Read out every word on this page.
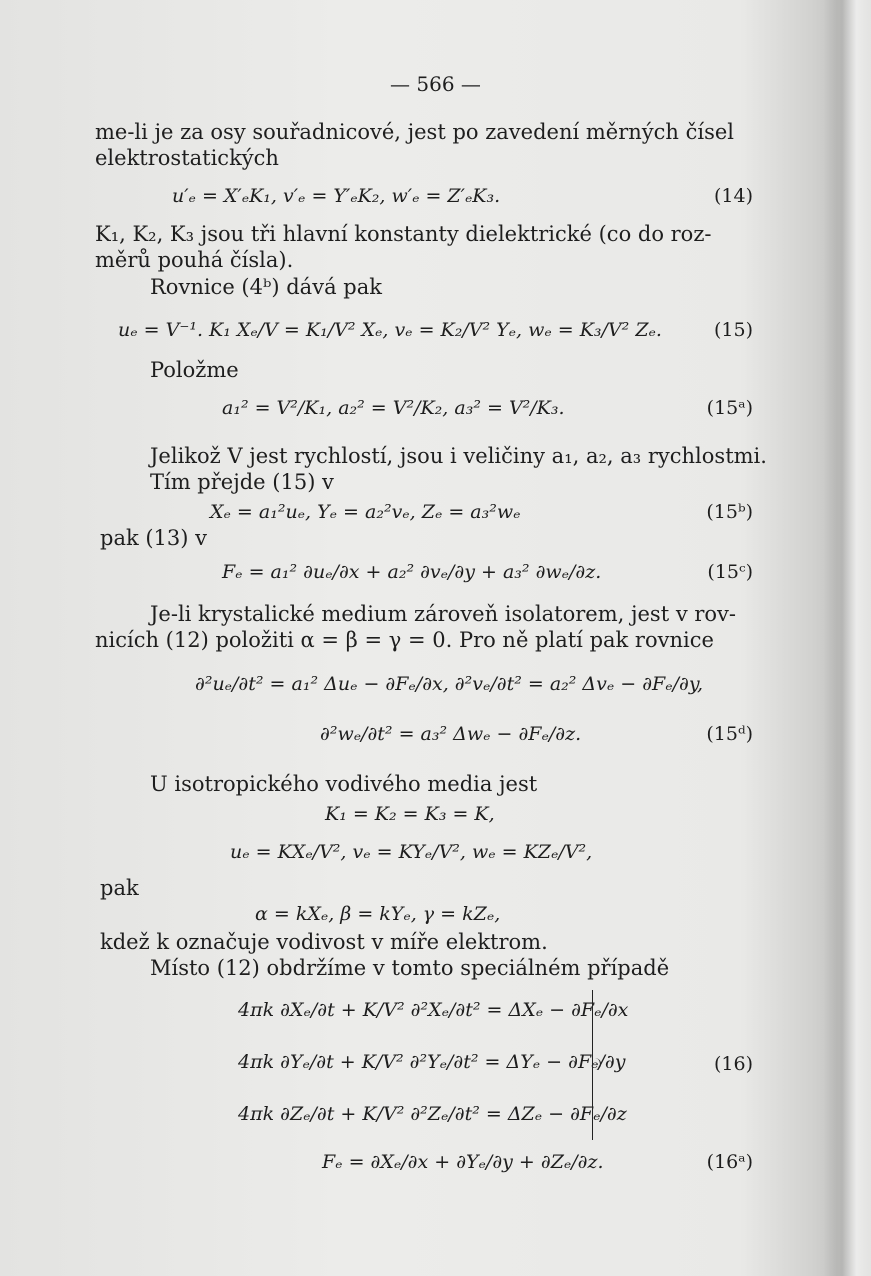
— 566 —
me-li je za osy souřadnicové, jest po zavedení měrných čísel
elektrostatických
u′ₑ = X′ₑK₁, v′ₑ = Y′ₑK₂, w′ₑ = Z′ₑK₃.	(14)
K₁, K₂, K₃ jsou tři hlavní konstanty dielektrické (co do roz-
měrů pouhá čísla).
Rovnice (4ᵇ) dává pak
uₑ = V⁻¹. K₁ Xₑ/V = K₁/V² Xₑ, vₑ = K₂/V² Yₑ, wₑ = K₃/V² Zₑ.	(15)
Položme
a₁² = V²/K₁, a₂² = V²/K₂, a₃² = V²/K₃.	(15ᵃ)
Jelikož V jest rychlostí, jsou i veličiny a₁, a₂, a₃ rychlostmi.
Tím přejde (15) v
Xₑ = a₁²uₑ, Yₑ = a₂²vₑ, Zₑ = a₃²wₑ	(15ᵇ)
pak (13) v
Fₑ = a₁² ∂uₑ/∂x + a₂² ∂vₑ/∂y + a₃² ∂wₑ/∂z.	(15ᶜ)
Je-li krystalické medium zároveň isolatorem, jest v rov-
nicích (12) položiti α = β = γ = 0. Pro ně platí pak rovnice
∂²uₑ/∂t² = a₁² Δuₑ − ∂Fₑ/∂x, ∂²vₑ/∂t² = a₂² Δvₑ − ∂Fₑ/∂y,
∂²wₑ/∂t² = a₃² Δwₑ − ∂Fₑ/∂z.	(15ᵈ)
U isotropického vodivého media jest
K₁ = K₂ = K₃ = K,
uₑ = KXₑ/V², vₑ = KYₑ/V², wₑ = KZₑ/V²,
pak
α = kXₑ, β = kYₑ, γ = kZₑ,
kdež k označuje vodivost v míře elektrom.
Místo (12) obdržíme v tomto speciálném případě
4πk ∂Xₑ/∂t + K/V² ∂²Xₑ/∂t² = ΔXₑ − ∂Fₑ/∂x
4πk ∂Yₑ/∂t + K/V² ∂²Yₑ/∂t² = ΔYₑ − ∂Fₑ/∂y
4πk ∂Zₑ/∂t + K/V² ∂²Zₑ/∂t² = ΔZₑ − ∂Fₑ/∂z
(16)
Fₑ = ∂Xₑ/∂x + ∂Yₑ/∂y + ∂Zₑ/∂z.	(16ᵃ)
